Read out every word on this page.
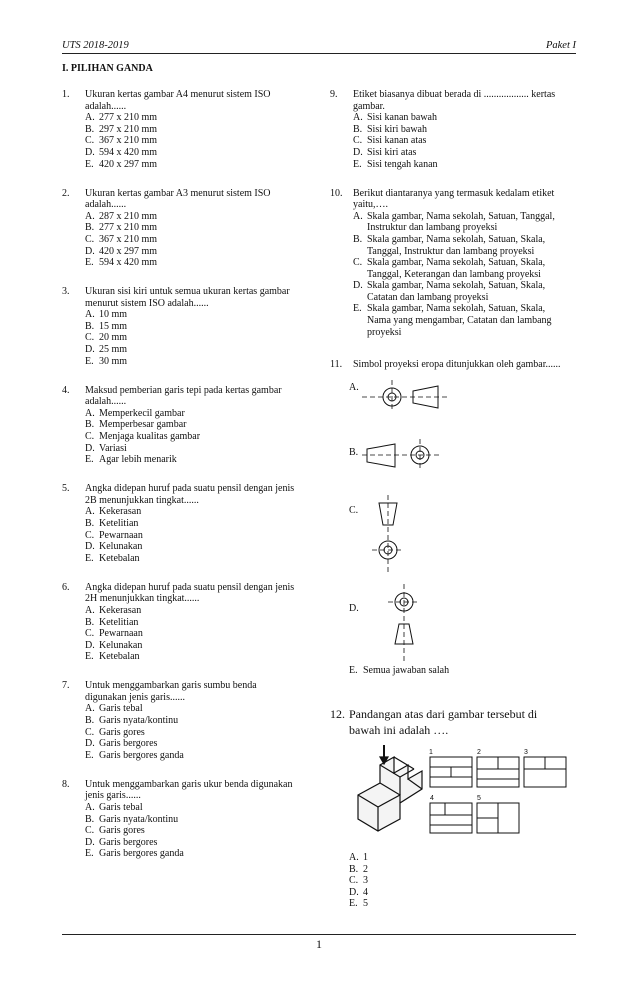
UTS 2018-2019	Paket I
I. PILIHAN GANDA
1. Ukuran kertas gambar A4 menurut sistem ISO
adalah......
A. 277 x 210 mm
B. 297 x 210 mm
C. 367 x 210 mm
D. 594 x 420 mm
E. 420 x 297 mm
2. Ukuran kertas gambar A3 menurut sistem ISO
adalah......
A. 287 x 210 mm
B. 277 x 210 mm
C. 367 x 210 mm
D. 420 x 297 mm
E. 594 x 420 mm
3. Ukuran sisi kiri untuk semua ukuran kertas gambar
menurut sistem ISO adalah......
A. 10 mm
B. 15 mm
C. 20 mm
D. 25 mm
E. 30 mm
4. Maksud pemberian garis tepi pada kertas gambar
adalah......
A. Memperkecil gambar
B. Memperbesar gambar
C. Menjaga kualitas gambar
D. Variasi
E. Agar lebih menarik
5. Angka didepan huruf pada suatu pensil dengan jenis
2B menunjukkan tingkat......
A. Kekerasan
B. Ketelitian
C. Pewarnaan
D. Kelunakan
E. Ketebalan
6. Angka didepan huruf pada suatu pensil dengan jenis
2H menunjukkan tingkat......
A. Kekerasan
B. Ketelitian
C. Pewarnaan
D. Kelunakan
E. Ketebalan
7. Untuk menggambarkan garis sumbu benda
digunakan jenis garis......
A. Garis tebal
B. Garis nyata/kontinu
C. Garis gores
D. Garis bergores
E. Garis bergores ganda
8. Untuk menggambarkan garis ukur benda digunakan
jenis garis......
A. Garis tebal
B. Garis nyata/kontinu
C. Garis gores
D. Garis bergores
E. Garis bergores ganda
9. Etiket biasanya dibuat berada di .................. kertas
gambar.
A. Sisi kanan bawah
B. Sisi kiri bawah
C. Sisi kanan atas
D. Sisi kiri atas
E. Sisi tengah kanan
10. Berikut diantaranya yang termasuk kedalam etiket
yaitu,….
A. Skala gambar, Nama sekolah, Satuan, Tanggal,
Instruktur dan lambang proyeksi
B. Skala gambar, Nama sekolah, Satuan, Skala,
Tanggal, Instruktur dan lambang proyeksi
C. Skala gambar, Nama sekolah, Satuan, Skala,
Tanggal, Keterangan dan lambang proyeksi
D. Skala gambar, Nama sekolah, Satuan, Skala,
Catatan dan lambang proyeksi
E. Skala gambar, Nama sekolah, Satuan, Skala,
Nama yang mengambar, Catatan dan lambang
proyeksi
11. Simbol proyeksi eropa ditunjukkan oleh gambar......
A.
B.
C.
D.
E. Semua jawaban salah
12. Pandangan atas dari gambar tersebut di
bawah ini adalah ….
1	2	3
4	5
A. 1
B. 2
C. 3
D. 4
E. 5
1
